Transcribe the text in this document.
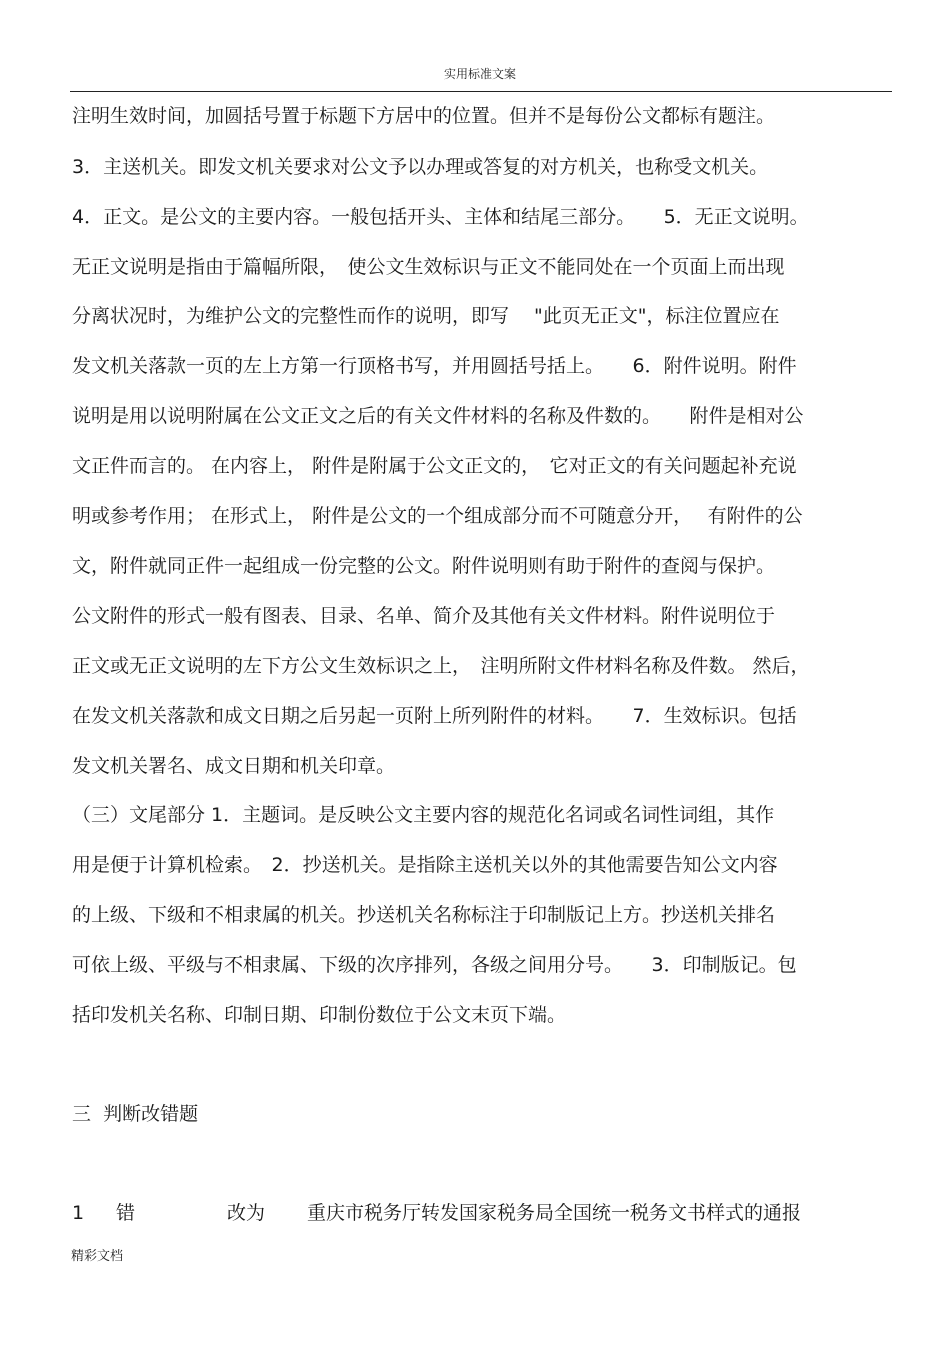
实用标准文案
注明生效时间，加圆括号置于标题下方居中的位置。但并不是每份公文都标有题注。
3．主送机关。即发文机关要求对公文予以办理或答复的对方机关，也称受文机关。
4．正文。是公文的主要内容。一般包括开头、主体和结尾三部分。　　5．无正文说明。
无正文说明是指由于篇幅所限，　使公文生效标识与正文不能同处在一个页面上而出现
分离状况时，为维护公文的完整性而作的说明，即写　 "此页无正文"，标注位置应在
发文机关落款一页的左上方第一行顶格书写，并用圆括号括上。　　6．附件说明。附件
说明是用以说明附属在公文正文之后的有关文件材料的名称及件数的。　　附件是相对公
文正件而言的。 在内容上， 附件是附属于公文正文的，　它对正文的有关问题起补充说
明或参考作用； 在形式上， 附件是公文的一个组成部分而不可随意分开，　 有附件的公
文，附件就同正件一起组成一份完整的公文。附件说明则有助于附件的查阅与保护。
公文附件的形式一般有图表、目录、名单、简介及其他有关文件材料。附件说明位于
正文或无正文说明的左下方公文生效标识之上，　注明所附文件材料名称及件数。 然后，
在发文机关落款和成文日期之后另起一页附上所列附件的材料。　　7．生效标识。包括
发文机关署名、成文日期和机关印章。
（三）文尾部分 1．主题词。是反映公文主要内容的规范化名词或名词性词组，其作
用是便于计算机检索。　2．抄送机关。是指除主送机关以外的其他需要告知公文内容
的上级、下级和不相隶属的机关。抄送机关名称标注于印制版记上方。抄送机关排名
可依上级、平级与不相隶属、下级的次序排列，各级之间用分号。　　3．印制版记。包
括印发机关名称、印制日期、印制份数位于公文末页下端。
三  判断改错题
1	错	改为	重庆市税务厅转发国家税务局全国统一税务文书样式的通报
精彩文档
